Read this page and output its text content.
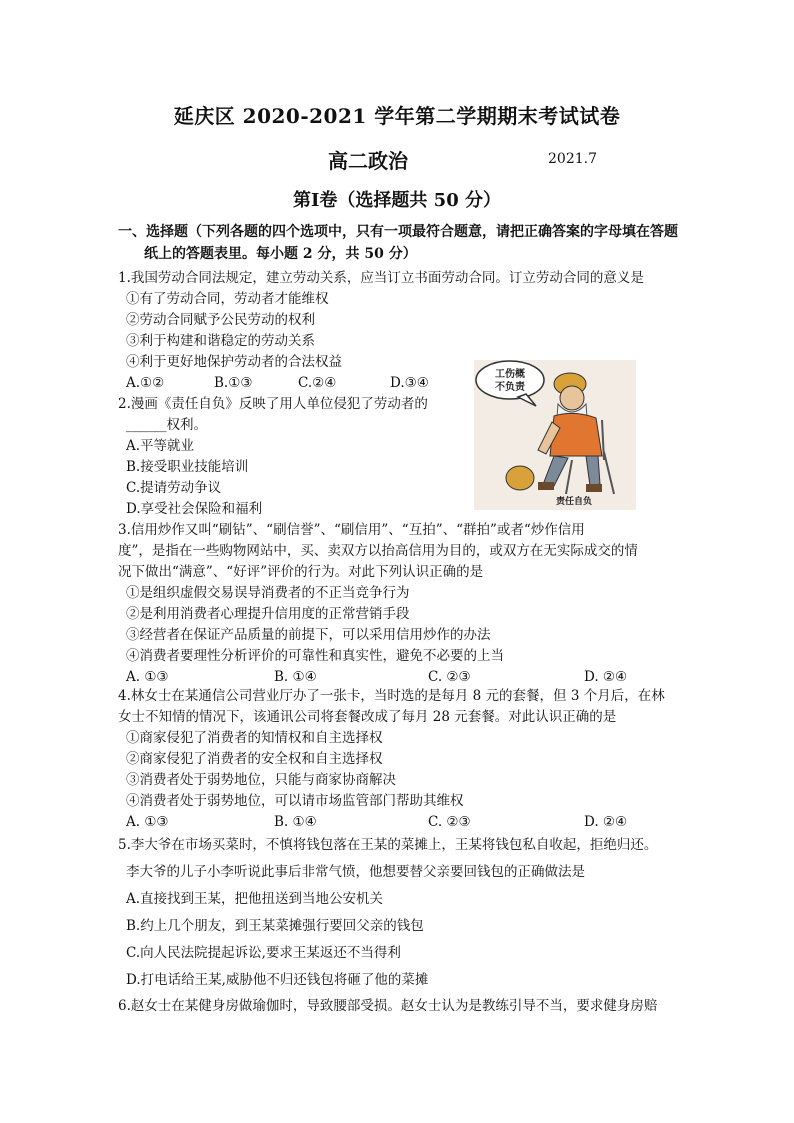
延庆区 2020-2021 学年第二学期期末考试试卷
高二政治	2021.7
第Ⅰ卷（选择题共 50 分）
一、选择题（下列各题的四个选项中，只有一项最符合题意，请把正确答案的字母填在答题
纸上的答题表里。每小题 2 分，共 50 分）
1.我国劳动合同法规定，建立劳动关系，应当订立书面劳动合同。订立劳动合同的意义是
①有了劳动合同，劳动者才能维权
②劳动合同赋予公民劳动的权利
③利于构建和谐稳定的劳动关系
④利于更好地保护劳动者的合法权益
A.①②	B.①③	C.②④	D.③④
2.漫画《责任自负》反映了用人单位侵犯了劳动者的
______权利。
A.平等就业
B.接受职业技能培训
C.提请劳动争议
D.享受社会保险和福利
工伤概
不负责
责任自负
3.信用炒作又叫“刷钻”、“刷信誉”、“刷信用”、“互拍”、“群拍”或者“炒作信用
度”，是指在一些购物网站中，买、卖双方以抬高信用为目的，或双方在无实际成交的情
况下做出“满意”、“好评”评价的行为。对此下列认识正确的是
①是组织虚假交易误导消费者的不正当竞争行为
②是利用消费者心理提升信用度的正常营销手段
③经营者在保证产品质量的前提下，可以采用信用炒作的办法
④消费者要理性分析评价的可靠性和真实性，避免不必要的上当
A. ①③	B. ①④	C. ②③	D. ②④
4.林女士在某通信公司营业厅办了一张卡，当时选的是每月 8 元的套餐，但 3 个月后，在林
女士不知情的情况下，该通讯公司将套餐改成了每月 28 元套餐。对此认识正确的是
①商家侵犯了消费者的知情权和自主选择权
②商家侵犯了消费者的安全权和自主选择权
③消费者处于弱势地位，只能与商家协商解决
④消费者处于弱势地位，可以请市场监管部门帮助其维权
A. ①③	B. ①④	C. ②③	D. ②④
5.李大爷在市场买菜时，不慎将钱包落在王某的菜摊上，王某将钱包私自收起，拒绝归还。
李大爷的儿子小李听说此事后非常气愤，他想要替父亲要回钱包的正确做法是
A.直接找到王某，把他扭送到当地公安机关
B.约上几个朋友，到王某菜摊强行要回父亲的钱包
C.向人民法院提起诉讼,要求王某返还不当得利
D.打电话给王某,威胁他不归还钱包将砸了他的菜摊
6.赵女士在某健身房做瑜伽时，导致腰部受损。赵女士认为是教练引导不当，要求健身房赔
